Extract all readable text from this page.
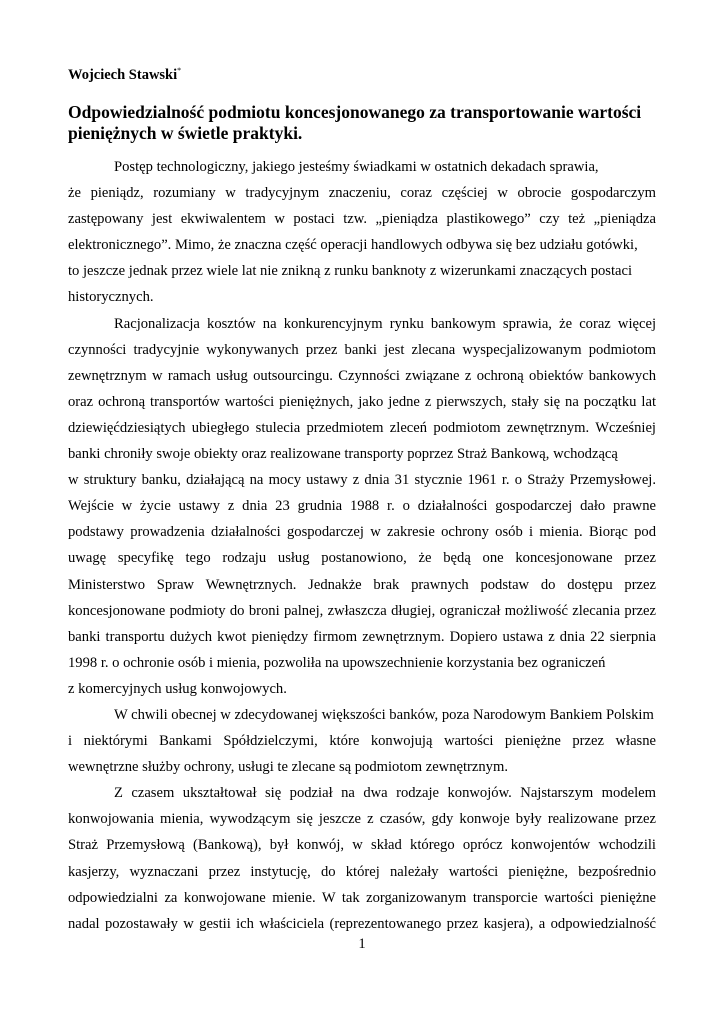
Wojciech Stawski*
Odpowiedzialność podmiotu koncesjonowanego za transportowanie wartości
pieniężnych w świetle praktyki.
Postęp technologiczny, jakiego jesteśmy świadkami w ostatnich dekadach sprawia,
że pieniądz, rozumiany w tradycyjnym znaczeniu, coraz częściej w obrocie gospodarczym
zastępowany jest ekwiwalentem w postaci tzw. „pieniądza plastikowego” czy też „pieniądza
elektronicznego”. Mimo, że znaczna część operacji handlowych odbywa się bez udziału gotówki,
to jeszcze jednak przez wiele lat nie znikną z runku banknoty z wizerunkami znaczących postaci
historycznych.
Racjonalizacja kosztów na konkurencyjnym rynku bankowym sprawia, że coraz więcej
czynności tradycyjnie wykonywanych przez banki jest zlecana wyspecjalizowanym podmiotom
zewnętrznym w ramach usług outsourcingu. Czynności związane z ochroną obiektów bankowych
oraz ochroną transportów wartości pieniężnych, jako jedne z pierwszych, stały się na początku lat
dziewięćdziesiątych ubiegłego stulecia przedmiotem zleceń podmiotom zewnętrznym. Wcześniej
banki chroniły swoje obiekty oraz realizowane transporty poprzez Straż Bankową, wchodzącą
w struktury banku, działającą na mocy ustawy z dnia 31 stycznie 1961 r. o Straży Przemysłowej.
Wejście w życie ustawy z dnia 23 grudnia 1988 r. o działalności gospodarczej dało prawne
podstawy prowadzenia działalności gospodarczej w zakresie ochrony osób i mienia. Biorąc pod
uwagę specyfikę tego rodzaju usług postanowiono, że będą one koncesjonowane przez
Ministerstwo Spraw Wewnętrznych. Jednakże brak prawnych podstaw do dostępu przez
koncesjonowane podmioty do broni palnej, zwłaszcza długiej, ograniczał możliwość zlecania przez
banki transportu dużych kwot pieniędzy firmom zewnętrznym. Dopiero ustawa z dnia 22 sierpnia
1998 r. o ochronie osób i mienia, pozwoliła na upowszechnienie korzystania bez ograniczeń
z komercyjnych usług konwojowych.
W chwili obecnej w zdecydowanej większości banków, poza Narodowym Bankiem Polskim
i niektórymi Bankami Spółdzielczymi, które konwojują wartości pieniężne przez własne
wewnętrzne służby ochrony, usługi te zlecane są podmiotom zewnętrznym.
Z czasem ukształtował się podział na dwa rodzaje konwojów. Najstarszym modelem
konwojowania mienia, wywodzącym się jeszcze z czasów, gdy konwoje były realizowane przez
Straż Przemysłową (Bankową), był konwój, w skład którego oprócz konwojentów wchodzili
kasjerzy, wyznaczani przez instytucję, do której należały wartości pieniężne, bezpośrednio
odpowiedzialni za konwojowane mienie. W tak zorganizowanym transporcie wartości pieniężne
nadal pozostawały w gestii ich właściciela (reprezentowanego przez kasjera), a odpowiedzialność
1
